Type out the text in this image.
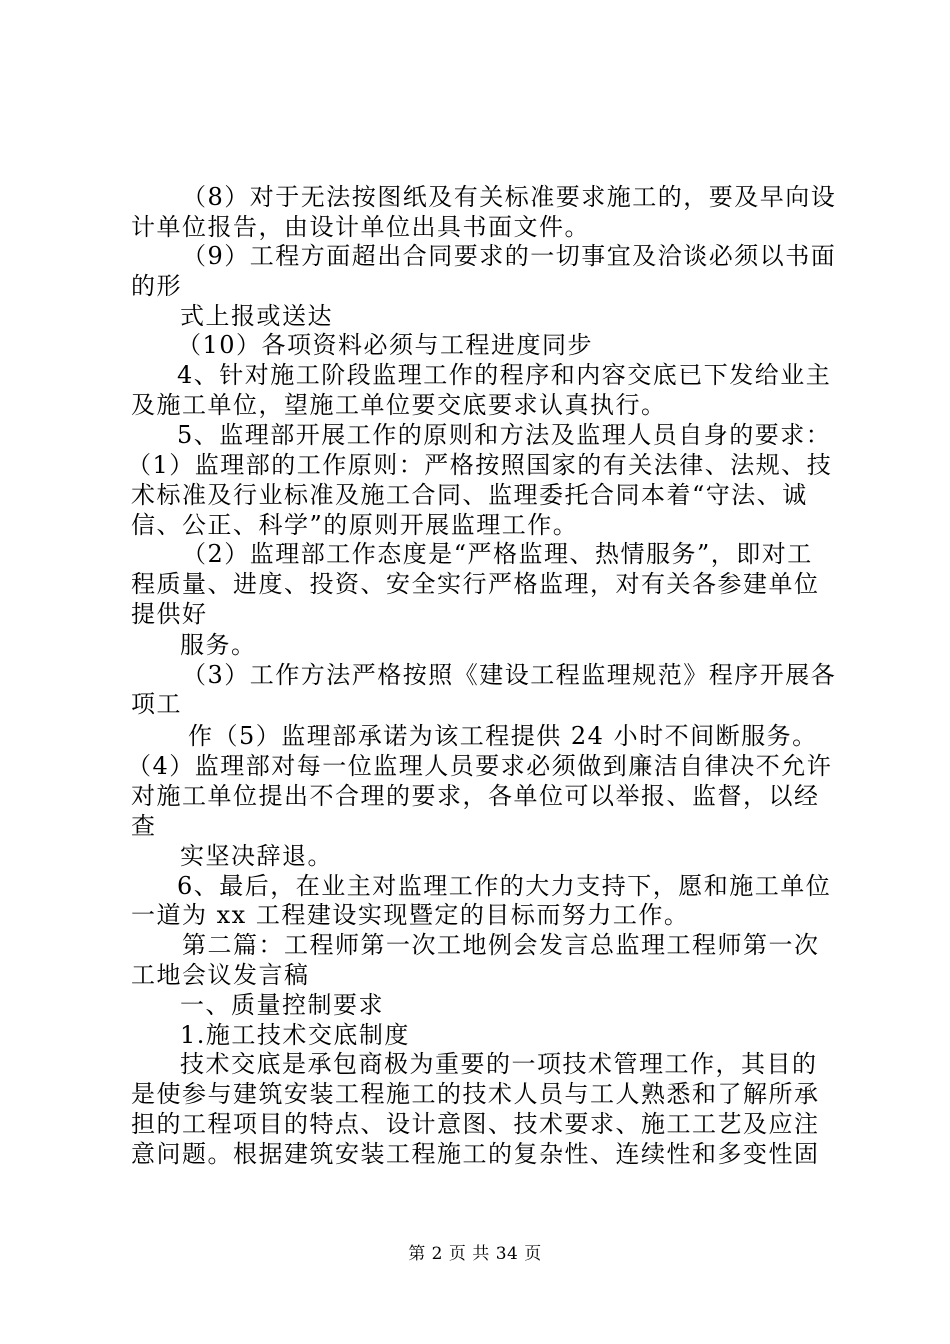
（8）对于无法按图纸及有关标准要求施工的，要及早向设
计单位报告，由设计单位出具书面文件。
（9）工程方面超出合同要求的一切事宜及洽谈必须以书面
的形
式上报或送达
（10）各项资料必须与工程进度同步
4、针对施工阶段监理工作的程序和内容交底已下发给业主
及施工单位，望施工单位要交底要求认真执行。
5、监理部开展工作的原则和方法及监理人员自身的要求：
（1）监理部的工作原则：严格按照国家的有关法律、法规、技
术标准及行业标准及施工合同、监理委托合同本着“守法、诚
信、公正、科学”的原则开展监理工作。
（2）监理部工作态度是“严格监理、热情服务”，即对工
程质量、进度、投资、安全实行严格监理，对有关各参建单位
提供好
服务。
（3）工作方法严格按照《建设工程监理规范》程序开展各
项工
作（5）监理部承诺为该工程提供 24 小时不间断服务。
（4）监理部对每一位监理人员要求必须做到廉洁自律决不允许
对施工单位提出不合理的要求，各单位可以举报、监督，以经
查
实坚决辞退。
6、最后，在业主对监理工作的大力支持下，愿和施工单位
一道为 xx 工程建设实现暨定的目标而努力工作。
第二篇：工程师第一次工地例会发言总监理工程师第一次
工地会议发言稿
一、质量控制要求
1.施工技术交底制度
技术交底是承包商极为重要的一项技术管理工作，其目的
是使参与建筑安装工程施工的技术人员与工人熟悉和了解所承
担的工程项目的特点、设计意图、技术要求、施工工艺及应注
意问题。根据建筑安装工程施工的复杂性、连续性和多变性固
第 2 页 共 34 页
